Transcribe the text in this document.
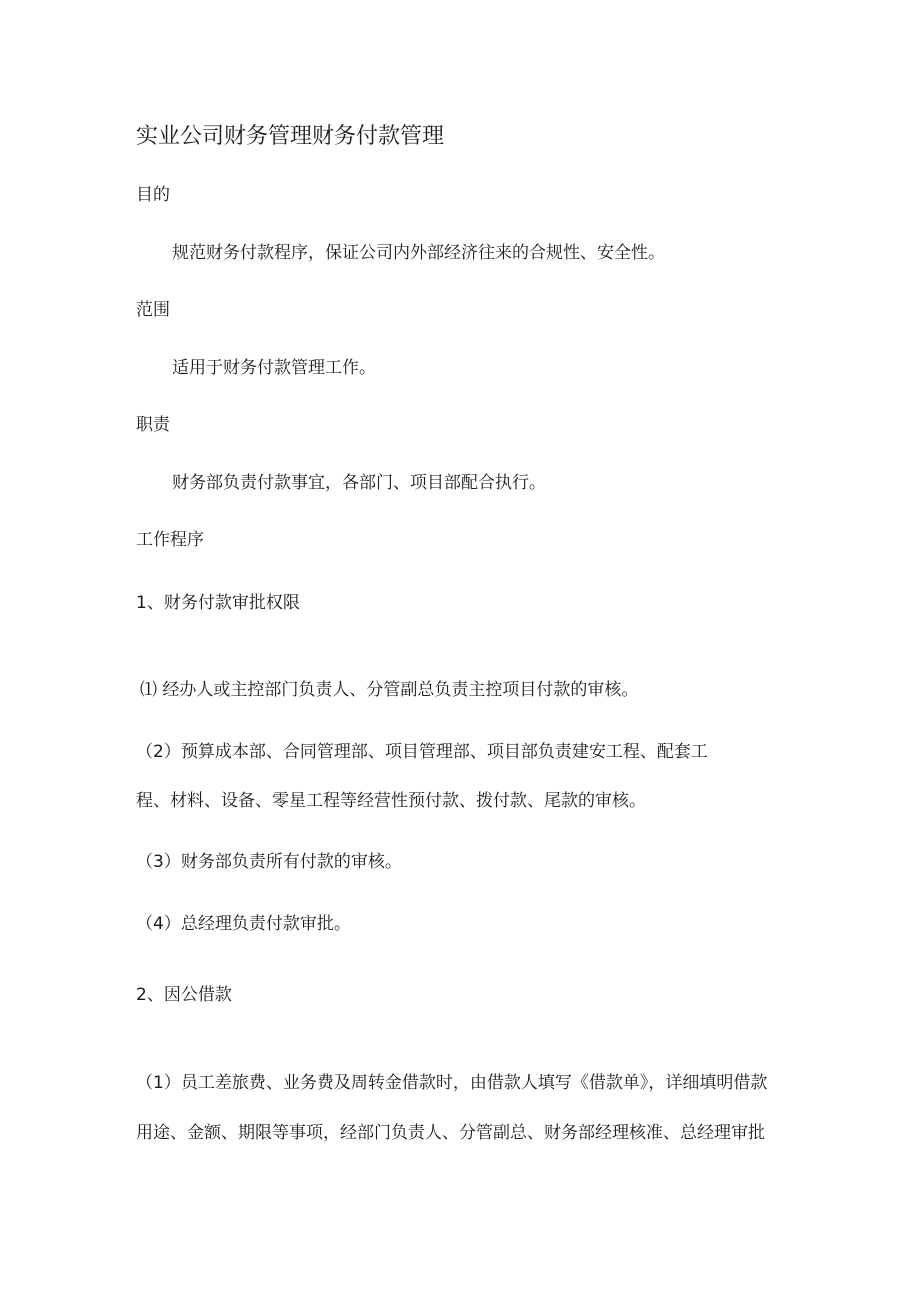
实业公司财务管理财务付款管理
目的
规范财务付款程序，保证公司内外部经济往来的合规性、安全性。
范围
适用于财务付款管理工作。
职责
财务部负责付款事宜，各部门、项目部配合执行。
工作程序
1、财务付款审批权限
⑴ 经办人或主控部门负责人、分管副总负责主控项目付款的审核。
（2）预算成本部、合同管理部、项目管理部、项目部负责建安工程、配套工
程、材料、设备、零星工程等经营性预付款、拨付款、尾款的审核。
（3）财务部负责所有付款的审核。
（4）总经理负责付款审批。
2、因公借款
（1）员工差旅费、业务费及周转金借款时，由借款人填写《借款单》，详细填明借款
用途、金额、期限等事项，经部门负责人、分管副总、财务部经理核准、总经理审批
